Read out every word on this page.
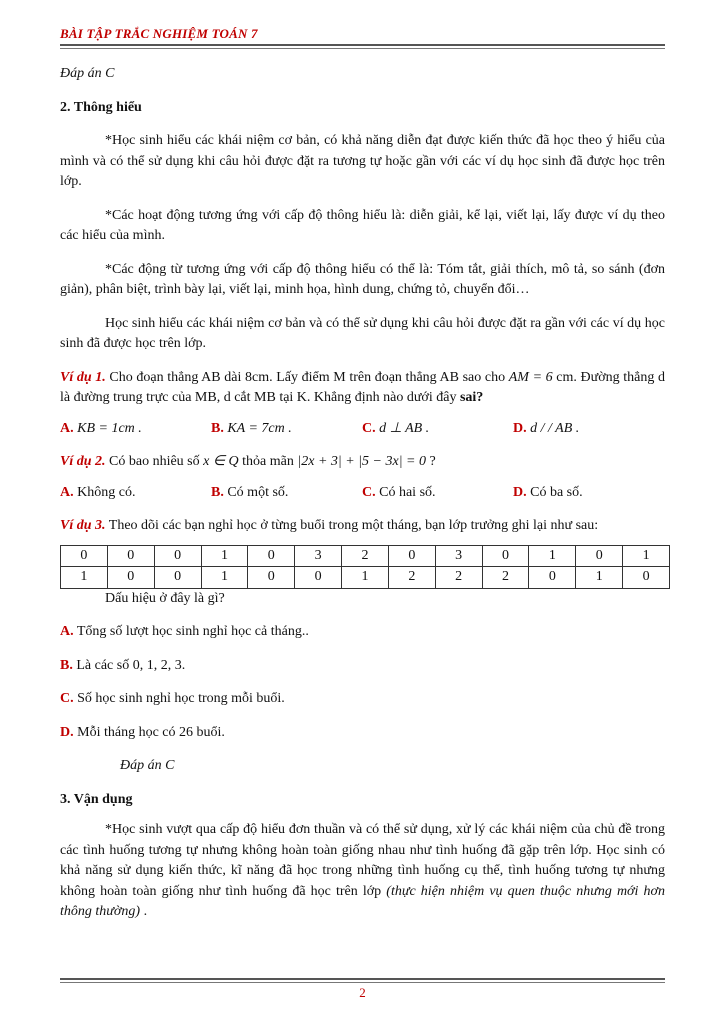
BÀI TẬP TRẮC NGHIỆM TOÁN 7

Đáp án C

2. Thông hiểu

*Học sinh hiểu các khái niệm cơ bản, có khả năng diễn đạt được kiến thức đã học theo ý hiểu của mình và có thể sử dụng khi câu hỏi được đặt ra tương tự hoặc gần với các ví dụ học sinh đã được học trên lớp.

*Các hoạt động tương ứng với cấp độ thông hiểu là: diễn giải, kể lại, viết lại, lấy được ví dụ theo các hiểu của mình.

*Các động từ tương ứng với cấp độ thông hiểu có thể là: Tóm tắt, giải thích, mô tả, so sánh (đơn giản), phân biệt, trình bày lại, viết lại, minh họa, hình dung, chứng tỏ, chuyển đổi…

Học sinh hiểu các khái niệm cơ bản và có thể sử dụng khi câu hỏi được đặt ra gần với các ví dụ học sinh đã được học trên lớp.

Ví dụ 1. Cho đoạn thẳng AB dài 8cm. Lấy điểm M trên đoạn thẳng AB sao cho AM = 6 cm. Đường thẳng d là đường trung trực của MB, d cắt MB tại K. Khẳng định nào dưới đây sai?

A. KB = 1cm .	B. KA = 7cm .	C. d ⊥ AB .	D. d / / AB .

Ví dụ 2. Có bao nhiêu số x ∈ Q thỏa mãn |2x + 3| + |5 − 3x| = 0 ?

A. Không có.	B. Có một số.	C. Có hai số.	D. Có ba số.

Ví dụ 3. Theo dõi các bạn nghỉ học ở từng buổi trong một tháng, bạn lớp trưởng ghi lại như sau:

0	0	0	1	0	3	2	0	3	0	1	0	1
1	0	0	1	0	0	1	2	2	2	0	1	0

Dấu hiệu ở đây là gì?

A. Tổng số lượt học sinh nghỉ học cả tháng..

B. Là các số 0, 1, 2, 3.

C. Số học sinh nghỉ học trong mỗi buổi.

D. Mỗi tháng học có 26 buổi.

Đáp án C

3. Vận dụng

*Học sinh vượt qua cấp độ hiểu đơn thuần và có thể sử dụng, xử lý các khái niệm của chủ đề trong các tình huống tương tự nhưng không hoàn toàn giống nhau như tình huống đã gặp trên lớp. Học sinh có khả năng sử dụng kiến thức, kĩ năng đã học trong những tình huống cụ thể, tình huống tương tự nhưng không hoàn toàn giống như tình huống đã học trên lớp (thực hiện nhiệm vụ quen thuộc nhưng mới hơn thông thường) .

2
